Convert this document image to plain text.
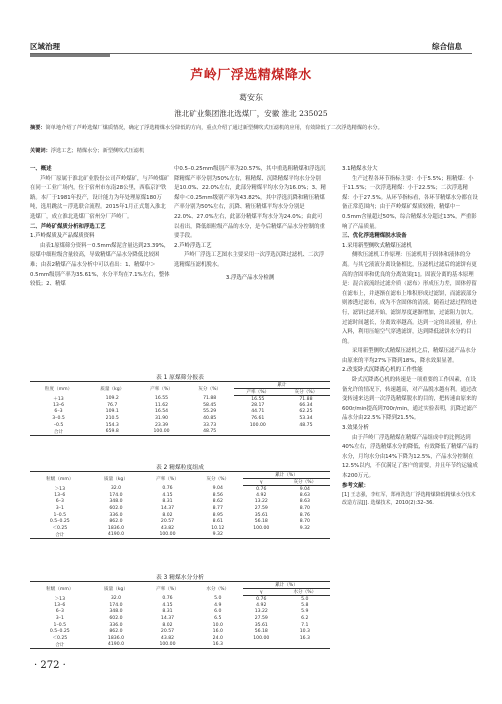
区域治理	综合信息
芦岭厂浮选精煤降水
葛安东
淮北矿业集团淮北选煤厂，安徽 淮北 235025
摘要：简单地介绍了芦岭选煤厂煤质情况，确定了浮选精煤水分降低的方向，重点介绍了通过新型侧吹式压滤机的应用，有效降低了二次浮选精煤的水分。
关键词：浮选工艺；精煤水分；新型侧吹式压滤机

一、概述

芦岭厂原属于淮北矿业股份公司芦岭煤矿，与芦岭煤矿在同一工业广场内，位于宿州市东南28公里，西临京沪铁路。本厂于1981年投产，设计能力为年处理原煤180万吨，选用跳汰－浮选联合流程。2015年1月正式划入淮北选煤厂，成立淮北选煤厂宿州分厂芦岭厂。

二、芦岭矿煤质分析和浮选工艺

1.芦岭煤质及产品煤质资料

由表1原煤筛分资料－0.5mm煤泥含量达到23.39%，原煤中细粒级含量较高，导致精煤产品水分降低比较困难；由表2精煤产品水分析中可以看出：1、精煤中＞0.5mm级别产率为35.61%，水分平均在7.1%左右，整体较低；2、精煤

中0.5–0.25mm级别产率为20.57%，其中重选粗精煤和浮选沉降精煤产率分别为50%左右，粗精煤、沉降精煤平均水分分别是10.0%、22.0%左右，此部分精煤平均水分为16.0%；3、精煤中＜0.25mm级别产率为43.82%，其中浮选沉降和精压精煤产率分别为50%左右，沉降、精压精煤平均水分分别是22.0%、27.0%左右，此部分精煤平均水分为24.0%；由此可以看出，降低细粒级产品的水分，是今后精煤产品水分控制的重要手段。

2.芦岭浮选工艺

芦岭厂浮选工艺图水主要采用一次浮选沉降过滤机、二次浮选精煤压滤机脱水。

3.浮选产品水分检测

3.1精煤水分大

生产过程各环节指标主要：小于5.5%；粗精煤：小于11.5%；一次浮选精煤：小于22.5%；二次浮选精煤：小于27.5%。从环节指标看，各环节精煤水分都在设备正常范围内；由于芦岭煤矿煤质较粉，精煤中－0.5mm含量超过50%，综合精煤水分超过13%，严重影响了产品质量。

三、优化浮选精煤脱水设备

1.采用新型侧吹式精煤压滤机

侧吹压滤机工作原理：压滤机用于固体和液体的分离。与其它液液分离设备相比，压滤机过滤后的滤饼有更高的含固率和优良的分离效果[1]。固液分离的基本原理是：混合液流经过滤介质（滤布）形成压力差，固体停留在滤布上，并逐渐在滤布上堆积形成过滤饼，而滤液部分则渗透过滤布，成为不含固体的清液。随着过滤过程的进行，滤饼过滤开始，滤饼厚度逐渐增加，过滤阻力加大。过滤时间越长，分离效率越高。达到一定的出液量，停止入料，利用压缩空气穿透滤饼，达到降低滤饼水分的目的。

采用新型侧吹式精煤压滤机之后，精煤压滤产品水分由原来的平均27%下降到18%，降水效果显著。

2.改变卧式沉降离心机的工作性能

卧式沉降离心机的转速是一项重要的工作因素，在设备允许的情况下，转速越高，对产品脱水越有利。通过改变转速来达到一次浮选精煤脱水的目的，把转速由原来的600r/min提高到700r/min，通过实验表明，沉降过滤产品水分由22.5%下降到21.5%。

3.效果分析

由于芦岭厂浮选精煤在精煤产品组成中的比例达到40%左右，浮选精煤水分的降低，有效降低了精煤产品的水分，月均水分由14%下降为12.5%，产品水分控制在12.5%以内，不仅满足了客户的需要，并且年节约运输成本200万元。

参考文献：

[1] 王志强，李红军，郑州洗选厂浮选精煤降低精煤水分技术改造方法[J]. 选煤技术，2010(2):32–36.

表 1 原煤筛分报表
粒度（mm）	质量（kg）	产率（%）	灰分（%）	累计	
				产率（%）	灰分（%）
＋13	109.2	16.55	71.88	16.55	71.88
13–6	76.7	11.62	58.45	28.17	66.34
6–3	109.1	16.54	55.29	44.71	62.25
3–0.5	210.5	31.90	40.85	76.61	53.34
–0.5	154.3	23.39	33.73	100.00	48.75
合计	659.8	100.00	48.75		
表 2 精煤粒度组成
粒级（mm）	质量（kg）	产率（%）	灰分（%）	累计（%）	
				γ	灰分（%）
＞13	32.0	0.76	9.04	0.76	9.04
13–6	174.0	4.15	8.56	4.92	8.63
6–3	348.0	8.31	8.62	13.22	8.63
3–1	602.0	14.37	8.77	27.59	8.70
1–0.5	336.0	8.02	8.95	35.61	8.76
0.5–0.25	862.0	20.57	8.61	56.18	8.70
＜0.25	1836.0	43.82	10.12	100.00	9.32
合计	4190.0	100.00	9.32		
表 3 精煤水分分析
粒级（mm）	质量（kg）	产率（%）	水分（%）	累计（%）	
				γ	水分（%）
＞13	32.0	0.76	5.0	0.76	5.0
13–6	174.0	4.15	4.9	4.92	5.8
6–3	348.0	8.31	6.0	13.22	5.9
3–1	602.0	14.37	6.5	27.59	6.2
1–0.5	336.0	8.02	10.0	35.61	7.1
0.5–0.25	862.0	20.57	16.0	56.18	10.3
＜0.25	1836.0	43.82	24.0	100.00	16.3
合计	4190.0	100.00	16.3		
· 272 ·
